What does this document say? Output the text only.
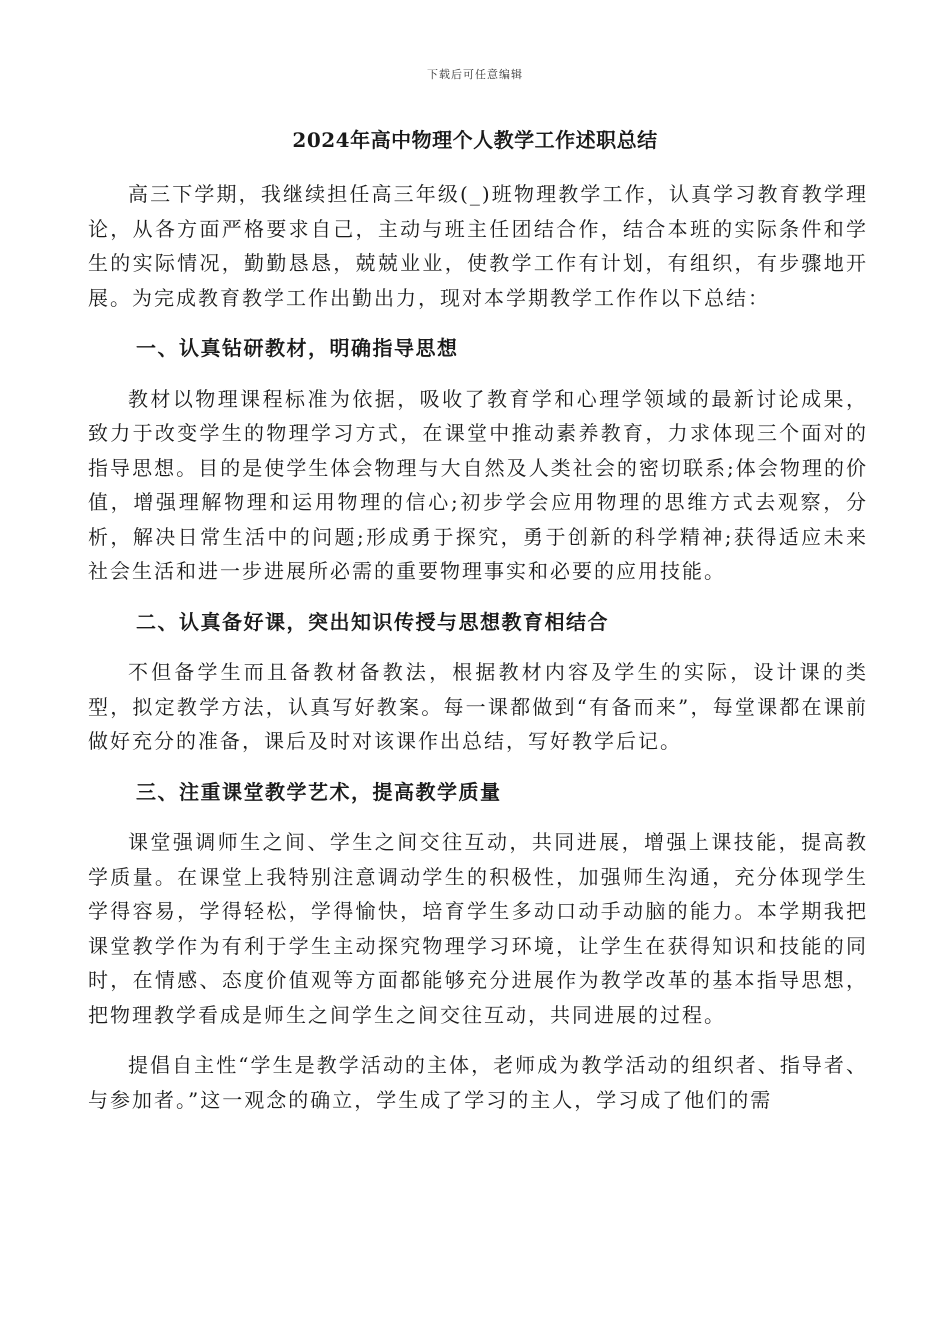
下载后可任意编辑
2024年高中物理个人教学工作述职总结

高三下学期，我继续担任高三年级(_)班物理教学工作，认真学习教育教学理论，从各方面严格要求自己，主动与班主任团结合作，结合本班的实际条件和学生的实际情况，勤勤恳恳，兢兢业业，使教学工作有计划，有组织，有步骤地开展。为完成教育教学工作出勤出力，现对本学期教学工作作以下总结：

一、认真钻研教材，明确指导思想

教材以物理课程标准为依据，吸收了教育学和心理学领域的最新讨论成果，致力于改变学生的物理学习方式，在课堂中推动素养教育，力求体现三个面对的指导思想。目的是使学生体会物理与大自然及人类社会的密切联系;体会物理的价值，增强理解物理和运用物理的信心;初步学会应用物理的思维方式去观察，分析，解决日常生活中的问题;形成勇于探究，勇于创新的科学精神;获得适应未来社会生活和进一步进展所必需的重要物理事实和必要的应用技能。

二、认真备好课，突出知识传授与思想教育相结合

不但备学生而且备教材备教法，根据教材内容及学生的实际，设计课的类型，拟定教学方法，认真写好教案。每一课都做到“有备而来”，每堂课都在课前做好充分的准备，课后及时对该课作出总结，写好教学后记。

三、注重课堂教学艺术，提高教学质量

课堂强调师生之间、学生之间交往互动，共同进展，增强上课技能，提高教学质量。在课堂上我特别注意调动学生的积极性，加强师生沟通，充分体现学生学得容易，学得轻松，学得愉快，培育学生多动口动手动脑的能力。本学期我把课堂教学作为有利于学生主动探究物理学习环境，让学生在获得知识和技能的同时，在情感、态度价值观等方面都能够充分进展作为教学改革的基本指导思想，把物理教学看成是师生之间学生之间交往互动，共同进展的过程。

提倡自主性“学生是教学活动的主体，老师成为教学活动的组织者、指导者、与参加者。”这一观念的确立，学生成了学习的主人，学习成了他们的需
